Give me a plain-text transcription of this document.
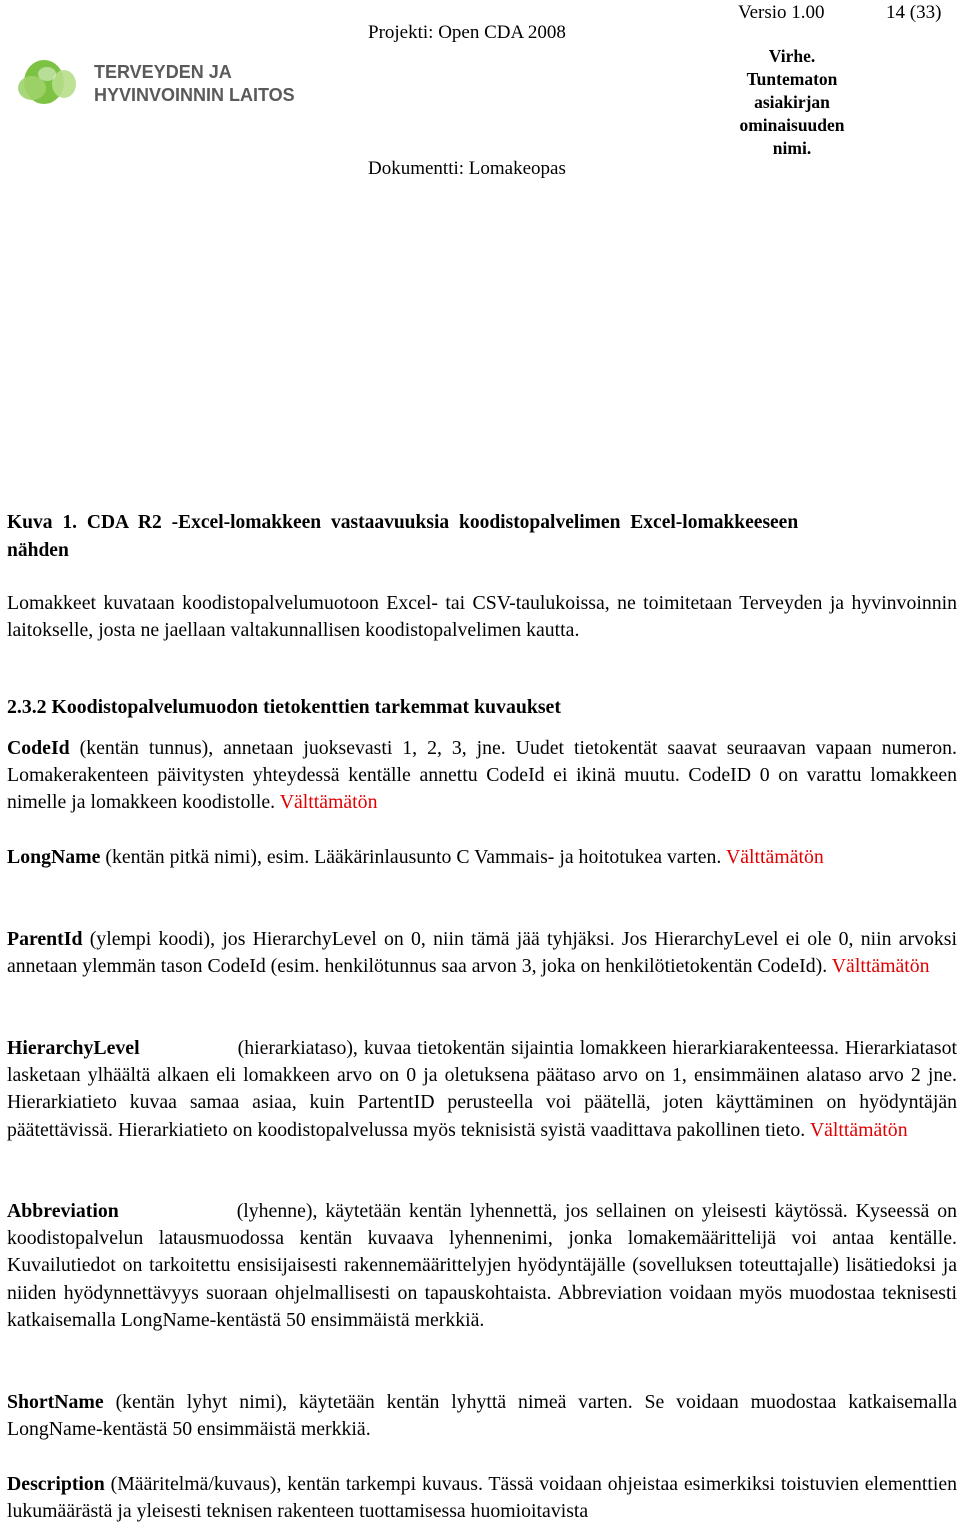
TERVEYDEN JA
HYVINVOINNIN LAITOS
Projekti: Open CDA 2008
Dokumentti: Lomakeopas
Versio 1.00	14 (33)
Virhe.
Tuntematon
asiakirjan
ominaisuuden
nimi.
Kuva 1. CDA R2 -Excel-lomakkeen vastaavuuksia koodistopalvelimen Excel-lomakkeeseen
nähden
Lomakkeet kuvataan koodistopalvelumuotoon Excel- tai CSV-taulukoissa, ne toimitetaan Terveyden ja hyvinvoinnin laitokselle, josta ne jaellaan valtakunnallisen koodistopalvelimen kautta.
2.3.2 Koodistopalvelumuodon tietokenttien tarkemmat kuvaukset
CodeId (kentän tunnus), annetaan juoksevasti 1, 2, 3, jne. Uudet tietokentät saavat seuraavan vapaan numeron. Lomakerakenteen päivitysten yhteydessä kentälle annettu CodeId ei ikinä muutu. CodeID 0 on varattu lomakkeen nimelle ja lomakkeen koodistolle. Välttämätön
LongName (kentän pitkä nimi), esim. Lääkärinlausunto C Vammais- ja hoitotukea varten. Välttämätön
ParentId (ylempi koodi), jos HierarchyLevel on 0, niin tämä jää tyhjäksi. Jos HierarchyLevel ei ole 0, niin arvoksi annetaan ylemmän tason CodeId (esim. henkilötunnus saa arvon 3, joka on henkilötietokentän CodeId). Välttämätön
HierarchyLevel	(hierarkiataso), kuvaa tietokentän sijaintia lomakkeen hierarkiarakenteessa. Hierarkiatasot lasketaan ylhäältä alkaen eli lomakkeen arvo on 0 ja oletuksena päätaso arvo on 1, ensimmäinen alataso arvo 2 jne. Hierarkiatieto kuvaa samaa asiaa, kuin PartentID perusteella voi päätellä, joten käyttäminen on hyödyntäjän päätettävissä. Hierarkiatieto on koodistopalvelussa myös teknisistä syistä vaadittava pakollinen tieto. Välttämätön
Abbreviation	(lyhenne), käytetään kentän lyhennettä, jos sellainen on yleisesti käytössä. Kyseessä on koodistopalvelun latausmuodossa kentän kuvaava lyhennenimi, jonka lomakemäärittelijä voi antaa kentälle. Kuvailutiedot on tarkoitettu ensisijaisesti rakennemäärittelyjen hyödyntäjälle (sovelluksen toteuttajalle) lisätiedoksi ja niiden hyödynnettävyys suoraan ohjelmallisesti on tapauskohtaista. Abbreviation voidaan myös muodostaa teknisesti katkaisemalla LongName-kentästä 50 ensimmäistä merkkiä.
ShortName (kentän lyhyt nimi), käytetään kentän lyhyttä nimeä varten. Se voidaan muodostaa katkaisemalla LongName-kentästä 50 ensimmäistä merkkiä.
Description (Määritelmä/kuvaus), kentän tarkempi kuvaus. Tässä voidaan ohjeistaa esimerkiksi toistuvien elementtien lukumäärästä ja yleisesti teknisen rakenteen tuottamisessa huomioitavista
